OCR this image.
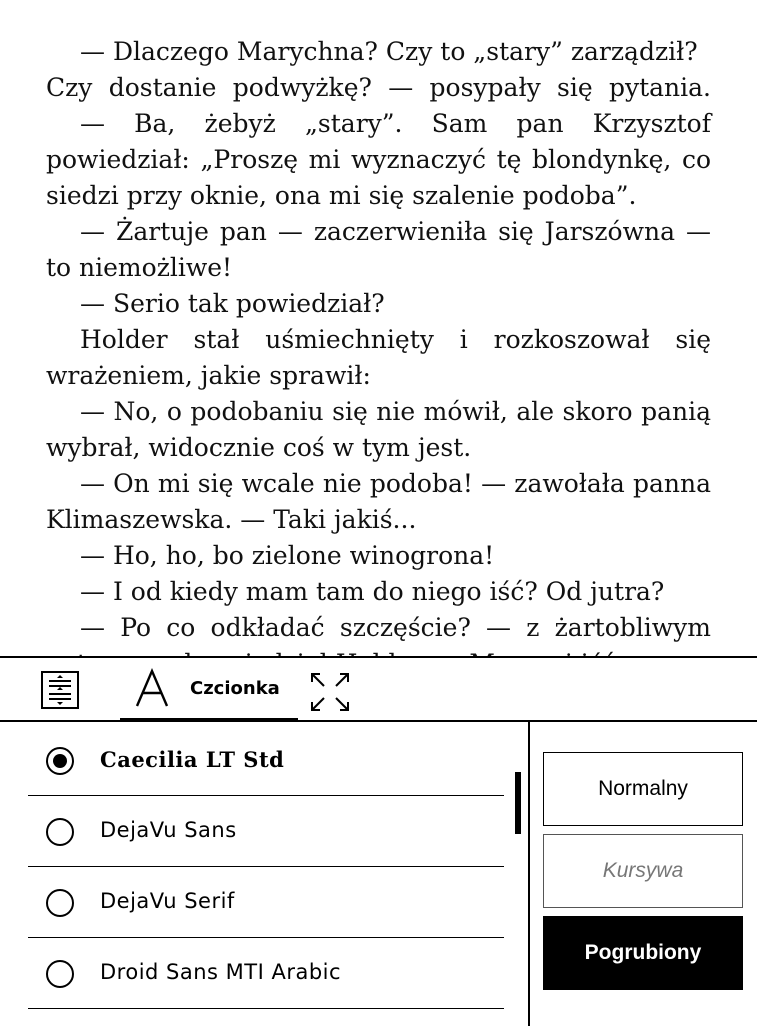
— Dlaczego Marychna? Czy to „stary” zarządził?
Czy dostanie podwyżkę? — posypały się pytania.
— Ba, żebyż „stary”. Sam pan Krzysztof
powiedział: „Proszę mi wyznaczyć tę blondynkę, co
siedzi przy oknie, ona mi się szalenie podoba”.
— Żartuje pan — zaczerwieniła się Jarszówna —
to niemożliwe!
— Serio tak powiedział?
Holder stał uśmiechnięty i rozkoszował się
wrażeniem, jakie sprawił:
— No, o podobaniu się nie mówił, ale skoro panią
wybrał, widocznie coś w tym jest.
— On mi się wcale nie podoba! — zawołała panna
Klimaszewska. — Taki jakiś...
— Ho, ho, bo zielone winogrona!
— I od kiedy mam tam do niego iść? Od jutra?
— Po co odkładać szczęście? — z żartobliwym
Czcionka
Caecilia LT Std
DejaVu Sans
DejaVu Serif
Droid Sans MTI Arabic
Normalny
Kursywa
Pogrubiony
